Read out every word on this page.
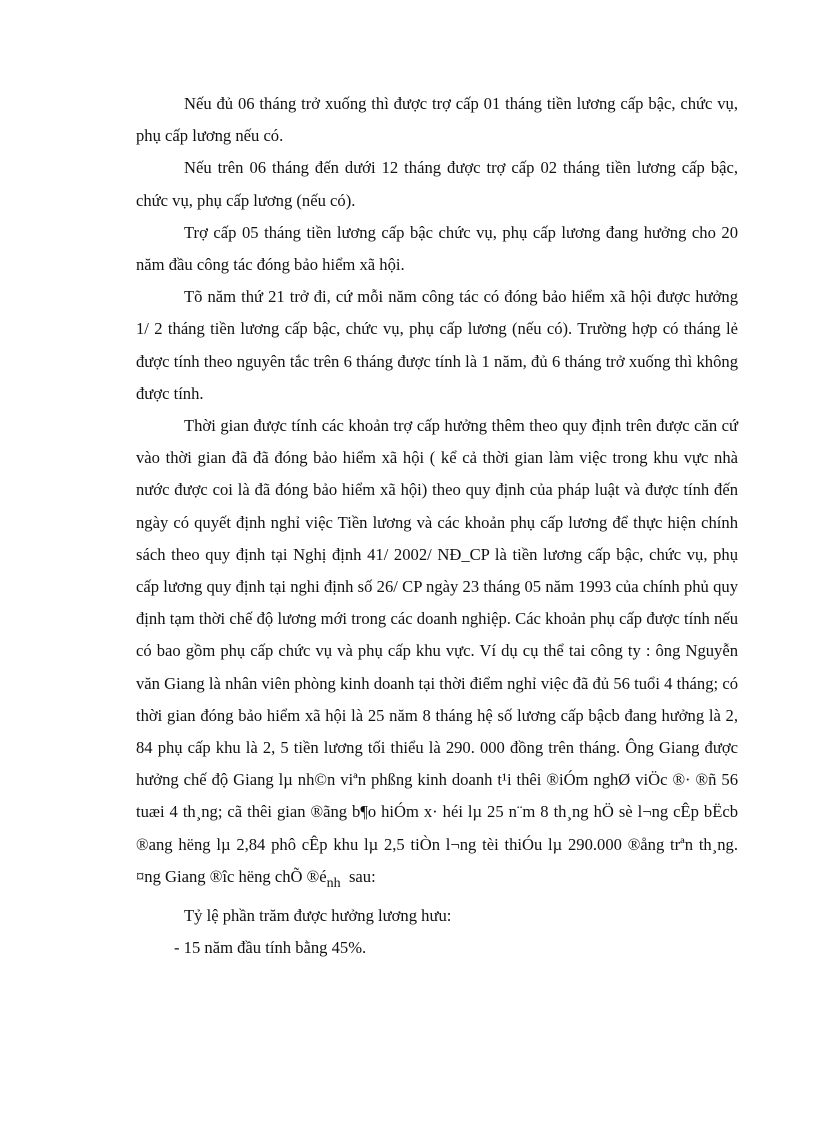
Nếu đủ 06 tháng trở xuống thì được trợ cấp 01 tháng tiền lương cấp bậc, chức vụ, phụ cấp lương nếu có.

Nếu trên 06 tháng đến dưới 12 tháng được trợ cấp 02 tháng tiền lương cấp bậc, chức vụ, phụ cấp lương (nếu có).

Trợ cấp 05 tháng tiền lương cấp bậc chức vụ, phụ cấp lương đang hưởng cho 20 năm đầu công tác đóng bảo hiểm xã hội.

Tõ năm thứ 21 trở đi, cứ mỗi năm công tác có đóng bảo hiểm xã hội được hưởng 1/ 2 tháng tiền lương cấp bậc, chức vụ, phụ cấp lương (nếu có). Trường hợp có tháng lẻ được tính theo nguyên tắc trên 6 tháng được tính là 1 năm, đủ 6 tháng trở xuống thì không được tính.

Thời gian được tính các khoản trợ cấp hưởng thêm theo quy định trên được căn cứ vào thời gian đã đã đóng bảo hiểm xã hội ( kể cả thời gian làm việc trong khu vực nhà nước được coi là đã đóng bảo hiểm xã hội) theo quy định của pháp luật và được tính đến ngày có quyết định nghỉ việc Tiền lương và các khoản phụ cấp lương để thực hiện chính sách theo quy định tại Nghị định 41/ 2002/ NĐ_CP là tiền lương cấp bậc, chức vụ, phụ cấp lương quy định tại nghi định số 26/ CP ngày 23 tháng 05 năm 1993 của chính phủ quy định tạm thời chế độ lương mới trong các doanh nghiệp. Các khoản phụ cấp được tính nếu có bao gồm phụ cấp chức vụ và phụ cấp khu vực. Ví dụ cụ thể tai công ty : ông Nguyễn văn Giang là nhân viên phòng kinh doanh tại thời điểm nghỉ việc đã đủ 56 tuổi 4 tháng; có thời gian đóng bảo hiểm xã hội là 25 năm 8 tháng hệ số lương cấp bậcb đang hưởng là 2, 84 phụ cấp khu là 2, 5 tiền lương tối thiểu là 290. 000 đồng trên tháng. Ông Giang được hưởng chế độ Giang lµ nh©n viªn phßng kinh doanh t¹i thêi ®iÓm nghØ viÖc ®· ®ñ 56 tuæi 4 th¸ng; cã thêi gian ®ãng b¶o hiÓm x· héi lµ 25 n¨m 8 th¸ng hÖ sè l¬ng cÊp bËcb ®ang hëng lµ 2,84 phô cÊp khu lµ 2,5 tiÒn l¬ng tèi thiÓu lµ 290.000 ®ång trªn th¸ng. ¤ng Giang ®îc hëng chÕ $®é_{nh}$ sau:

Tỷ lệ phần trăm được hưởng lương hưu:

- 15 năm đầu tính bằng 45%.
